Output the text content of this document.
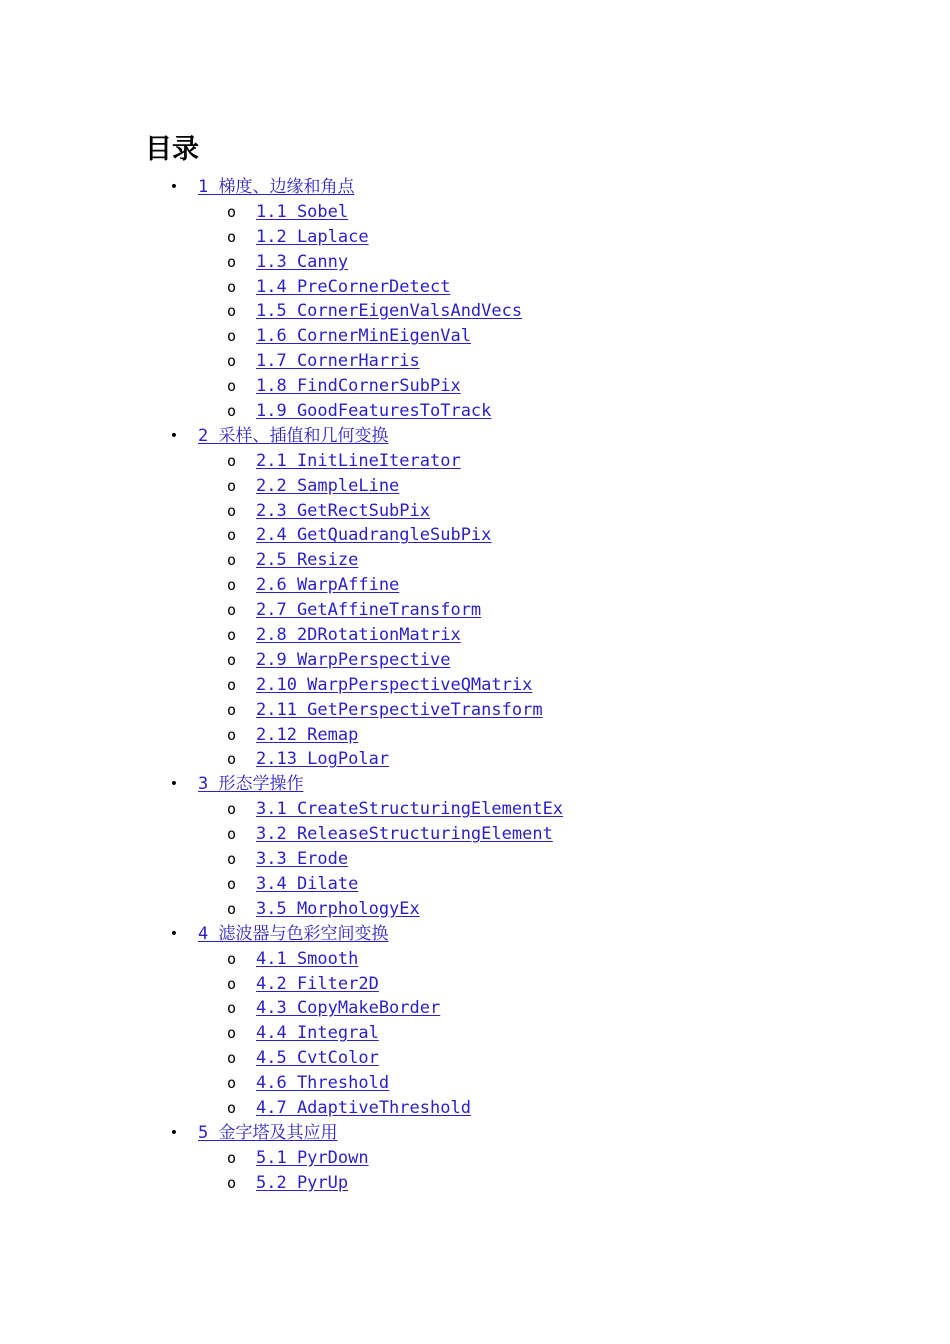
目录
• 1 梯度、边缘和角点
o 1.1 Sobel
o 1.2 Laplace
o 1.3 Canny
o 1.4 PreCornerDetect
o 1.5 CornerEigenValsAndVecs
o 1.6 CornerMinEigenVal
o 1.7 CornerHarris
o 1.8 FindCornerSubPix
o 1.9 GoodFeaturesToTrack
• 2 采样、插值和几何变换
o 2.1 InitLineIterator
o 2.2 SampleLine
o 2.3 GetRectSubPix
o 2.4 GetQuadrangleSubPix
o 2.5 Resize
o 2.6 WarpAffine
o 2.7 GetAffineTransform
o 2.8 2DRotationMatrix
o 2.9 WarpPerspective
o 2.10 WarpPerspectiveQMatrix
o 2.11 GetPerspectiveTransform
o 2.12 Remap
o 2.13 LogPolar
• 3 形态学操作
o 3.1 CreateStructuringElementEx
o 3.2 ReleaseStructuringElement
o 3.3 Erode
o 3.4 Dilate
o 3.5 MorphologyEx
• 4 滤波器与色彩空间变换
o 4.1 Smooth
o 4.2 Filter2D
o 4.3 CopyMakeBorder
o 4.4 Integral
o 4.5 CvtColor
o 4.6 Threshold
o 4.7 AdaptiveThreshold
• 5 金字塔及其应用
o 5.1 PyrDown
o 5.2 PyrUp
